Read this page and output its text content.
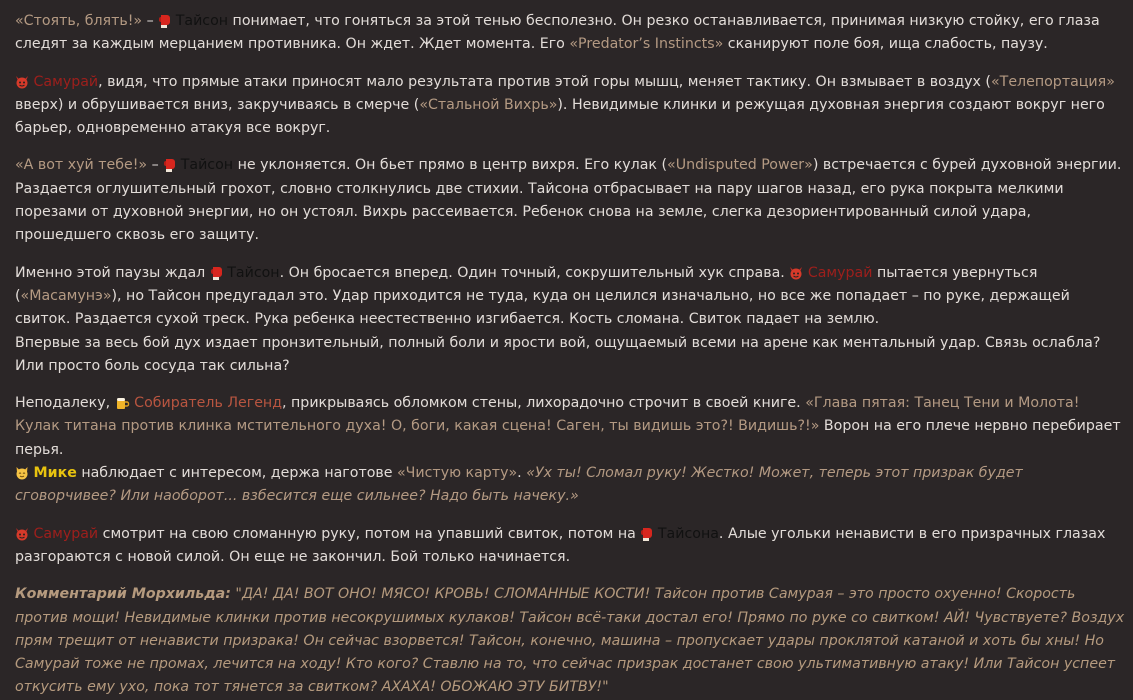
«Стоять, блять!» –  Тайсон понимает, что гоняться за этой тенью бесполезно. Он резко останавливается, принимая низкую стойку, его глаза следят за каждым мерцанием противника. Он ждет. Ждет момента. Его «Predator’s Instincts» сканируют поле боя, ища слабость, паузу.

Самурай, видя, что прямые атаки приносят мало результата против этой горы мышц, меняет тактику. Он взмывает в воздух («Телепортация» вверх) и обрушивается вниз, закручиваясь в смерче («Стальной Вихрь»). Невидимые клинки и режущая духовная энергия создают вокруг него барьер, одновременно атакуя все вокруг.

«А вот хуй тебе!» –  Тайсон не уклоняется. Он бьет прямо в центр вихря. Его кулак («Undisputed Power») встречается с бурей духовной энергии. Раздается оглушительный грохот, словно столкнулись две стихии. Тайсона отбрасывает на пару шагов назад, его рука покрыта мелкими порезами от духовной энергии, но он устоял. Вихрь рассеивается. Ребенок снова на земле, слегка дезориентированный силой удара, прошедшего сквозь его защиту.

Именно этой паузы ждал  Тайсон. Он бросается вперед. Один точный, сокрушительный хук справа.  Самурай пытается увернуться («Масамунэ»), но Тайсон предугадал это. Удар приходится не туда, куда он целился изначально, но все же попадает – по руке, держащей свиток. Раздается сухой треск. Рука ребенка неестественно изгибается. Кость сломана. Свиток падает на землю.
Впервые за весь бой дух издает пронзительный, полный боли и ярости вой, ощущаемый всеми на арене как ментальный удар. Связь ослабла? Или просто боль сосуда так сильна?

Неподалеку,  Собиратель Легенд, прикрываясь обломком стены, лихорадочно строчит в своей книге. «Глава пятая: Танец Тени и Молота! Кулак титана против клинка мстительного духа! О, боги, какая сцена! Саген, ты видишь это?! Видишь?!» Ворон на его плече нервно перебирает перья.

Мике наблюдает с интересом, держа наготове «Чистую карту». «Ух ты! Сломал руку! Жестко! Может, теперь этот призрак будет сговорчивее? Или наоборот... взбесится еще сильнее? Надо быть начеку.»

Самурай смотрит на свою сломанную руку, потом на упавший свиток, потом на  Тайсона. Алые угольки ненависти в его призрачных глазах разгораются с новой силой. Он еще не закончил. Бой только начинается.

Комментарий Морхильда: "ДА! ДА! ВОТ ОНО! МЯСО! КРОВЬ! СЛОМАННЫЕ КОСТИ! Тайсон против Самурая – это просто охуенно! Скорость против мощи! Невидимые клинки против несокрушимых кулаков! Тайсон всё-таки достал его! Прямо по руке со свитком! АЙ! Чувствуете? Воздух прям трещит от ненависти призрака! Он сейчас взорвется! Тайсон, конечно, машина – пропускает удары проклятой катаной и хоть бы хны! Но Самурай тоже не промах, лечится на ходу! Кто кого? Ставлю на то, что сейчас призрак достанет свою ультимативную атаку! Или Тайсон успеет откусить ему ухо, пока тот тянется за свитком? АХАХА! ОБОЖАЮ ЭТУ БИТВУ!"
